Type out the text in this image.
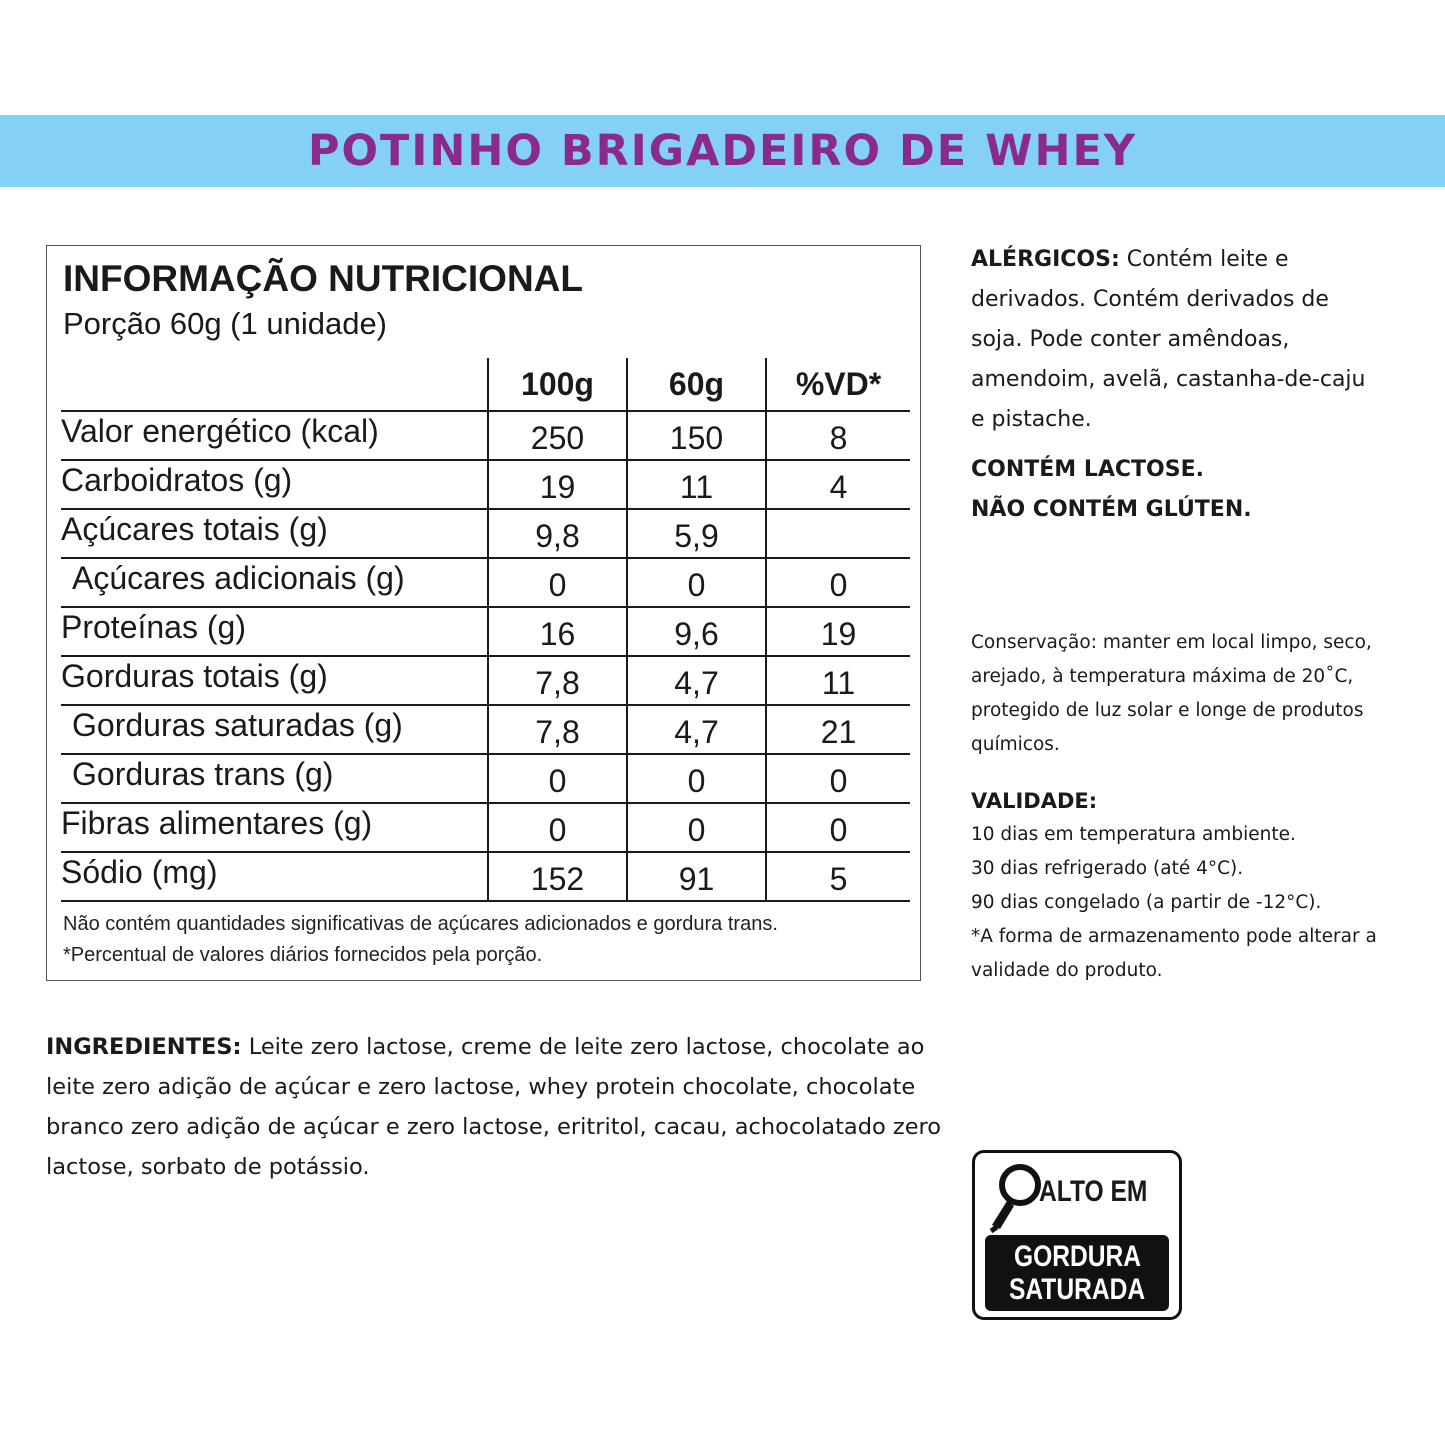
POTINHO BRIGADEIRO DE WHEY
INFORMAÇÃO NUTRICIONAL
Porção 60g (1 unidade)
	100g	60g	%VD*
Valor energético (kcal)	250	150	8
Carboidratos (g)	19	11	4
Açúcares totais (g)	9,8	5,9	
Açúcares adicionais (g)	0	0	0
Proteínas (g)	16	9,6	19
Gorduras totais (g)	7,8	4,7	11
Gorduras saturadas (g)	7,8	4,7	21
Gorduras trans (g)	0	0	0
Fibras alimentares (g)	0	0	0
Sódio (mg)	152	91	5
Não contém quantidades significativas de açúcares adicionados e gordura trans.
*Percentual de valores diários fornecidos pela porção.
ALÉRGICOS: Contém leite e derivados. Contém derivados de soja. Pode conter amêndoas, amendoim, avelã, castanha-de-caju e pistache.
CONTÉM LACTOSE.
NÃO CONTÉM GLÚTEN.
Conservação: manter em local limpo, seco, arejado, à temperatura máxima de 20˚C, protegido de luz solar e longe de produtos químicos.
VALIDADE:
10 dias em temperatura ambiente.
30 dias refrigerado (até 4°C).
90 dias congelado (a partir de -12°C).
*A forma de armazenamento pode alterar a validade do produto.
INGREDIENTES: Leite zero lactose, creme de leite zero lactose, chocolate ao leite zero adição de açúcar e zero lactose, whey protein chocolate, chocolate branco zero adição de açúcar e zero lactose, eritritol, cacau, achocolatado zero lactose, sorbato de potássio.
ALTO EM
GORDURA
SATURADA
